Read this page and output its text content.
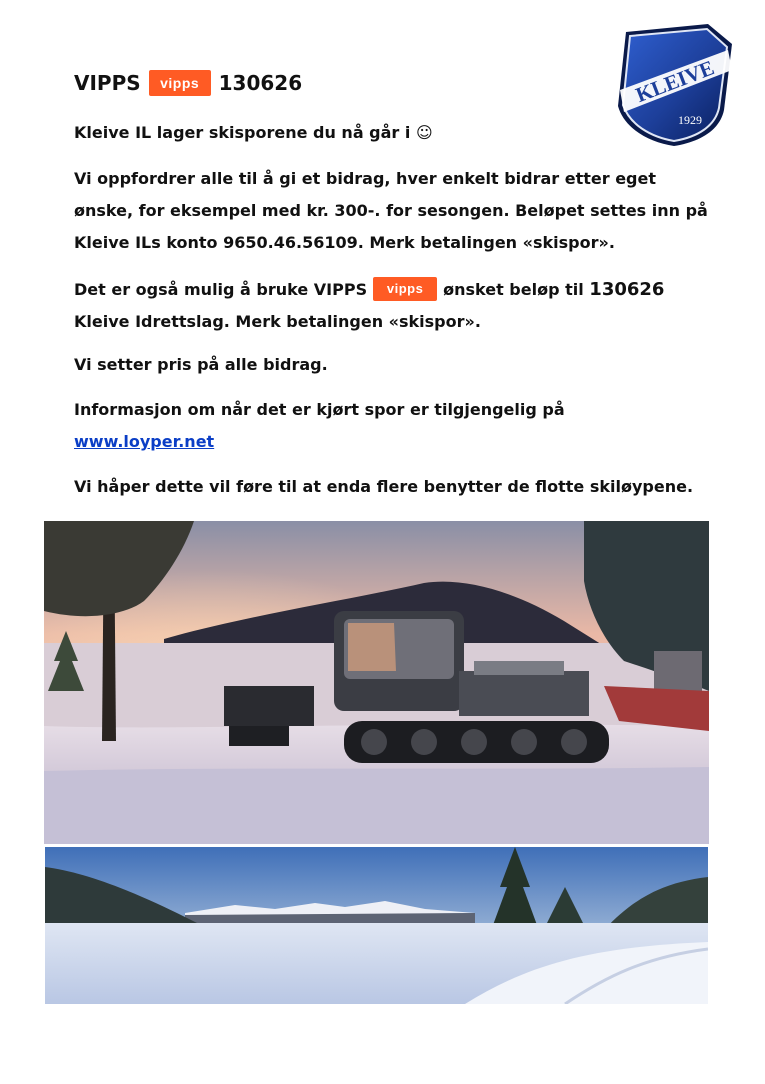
VIPPS	vipps 130626	KLEIVE
1929
Kleive IL lager skisporene du nå går i ☺
Vi oppfordrer alle til å gi et bidrag, hver enkelt bidrar etter eget ønske, for eksempel med kr. 300-. for sesongen. Beløpet settes inn på Kleive ILs konto 9650.46.56109. Merk betalingen «skispor».
Det er også mulig å bruke VIPPS vipps ønsket beløp til 130626
Kleive Idrettslag. Merk betalingen «skispor».
Vi setter pris på alle bidrag.
Informasjon om når det er kjørt spor er tilgjengelig på
www.loyper.net
Vi håper dette vil føre til at enda flere benytter de flotte skiløypene.
